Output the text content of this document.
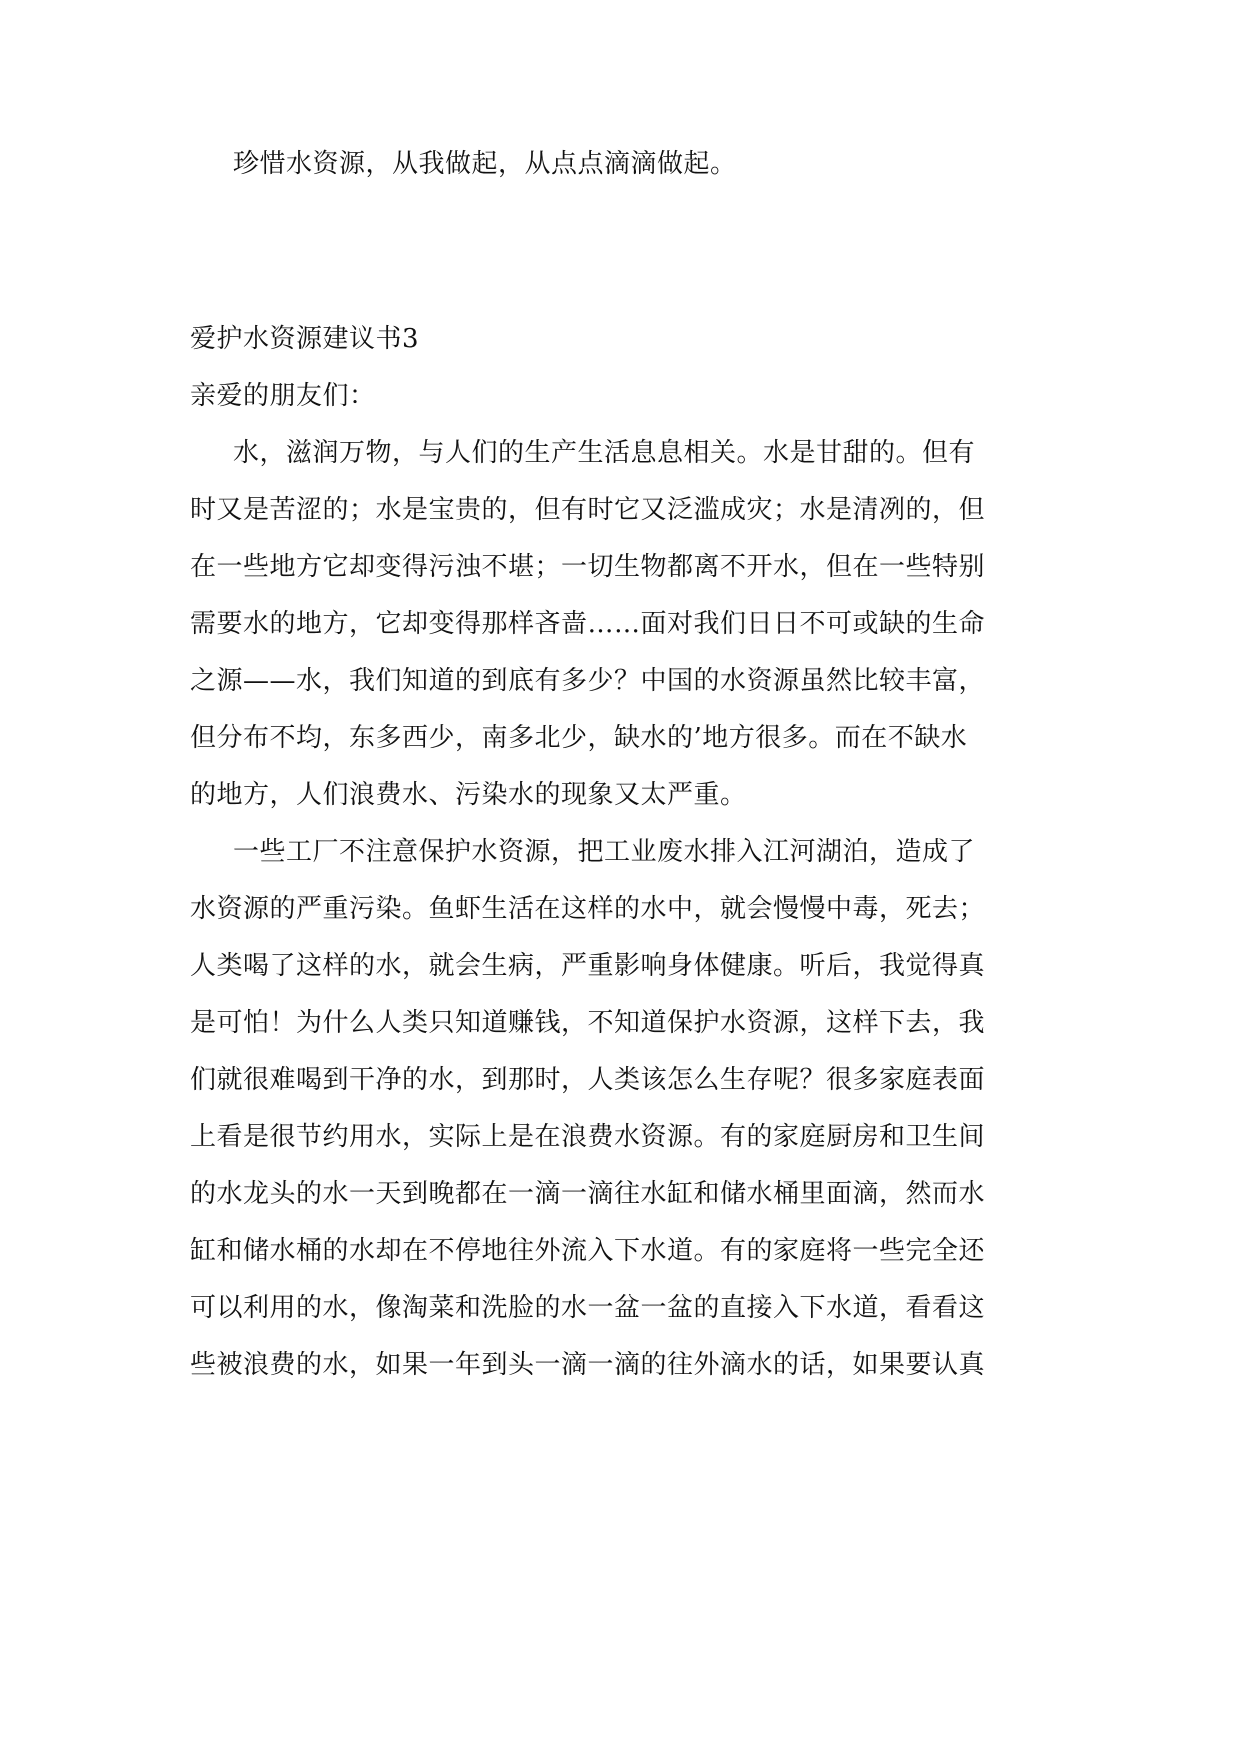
珍惜水资源，从我做起，从点点滴滴做起。
爱护水资源建议书3
亲爱的朋友们：
水，滋润万物，与人们的生产生活息息相关。水是甘甜的。但有
时又是苦涩的；水是宝贵的，但有时它又泛滥成灾；水是清冽的，但
在一些地方它却变得污浊不堪；一切生物都离不开水，但在一些特别
需要水的地方，它却变得那样吝啬……面对我们日日不可或缺的生命
之源——水，我们知道的到底有多少？中国的水资源虽然比较丰富，
但分布不均，东多西少，南多北少，缺水的’地方很多。而在不缺水
的地方，人们浪费水、污染水的现象又太严重。
一些工厂不注意保护水资源，把工业废水排入江河湖泊，造成了
水资源的严重污染。鱼虾生活在这样的水中，就会慢慢中毒，死去；
人类喝了这样的水，就会生病，严重影响身体健康。听后，我觉得真
是可怕！为什么人类只知道赚钱，不知道保护水资源，这样下去，我
们就很难喝到干净的水，到那时，人类该怎么生存呢？很多家庭表面
上看是很节约用水，实际上是在浪费水资源。有的家庭厨房和卫生间
的水龙头的水一天到晚都在一滴一滴往水缸和储水桶里面滴，然而水
缸和储水桶的水却在不停地往外流入下水道。有的家庭将一些完全还
可以利用的水，像淘菜和洗脸的水一盆一盆的直接入下水道，看看这
些被浪费的水，如果一年到头一滴一滴的往外滴水的话，如果要认真
